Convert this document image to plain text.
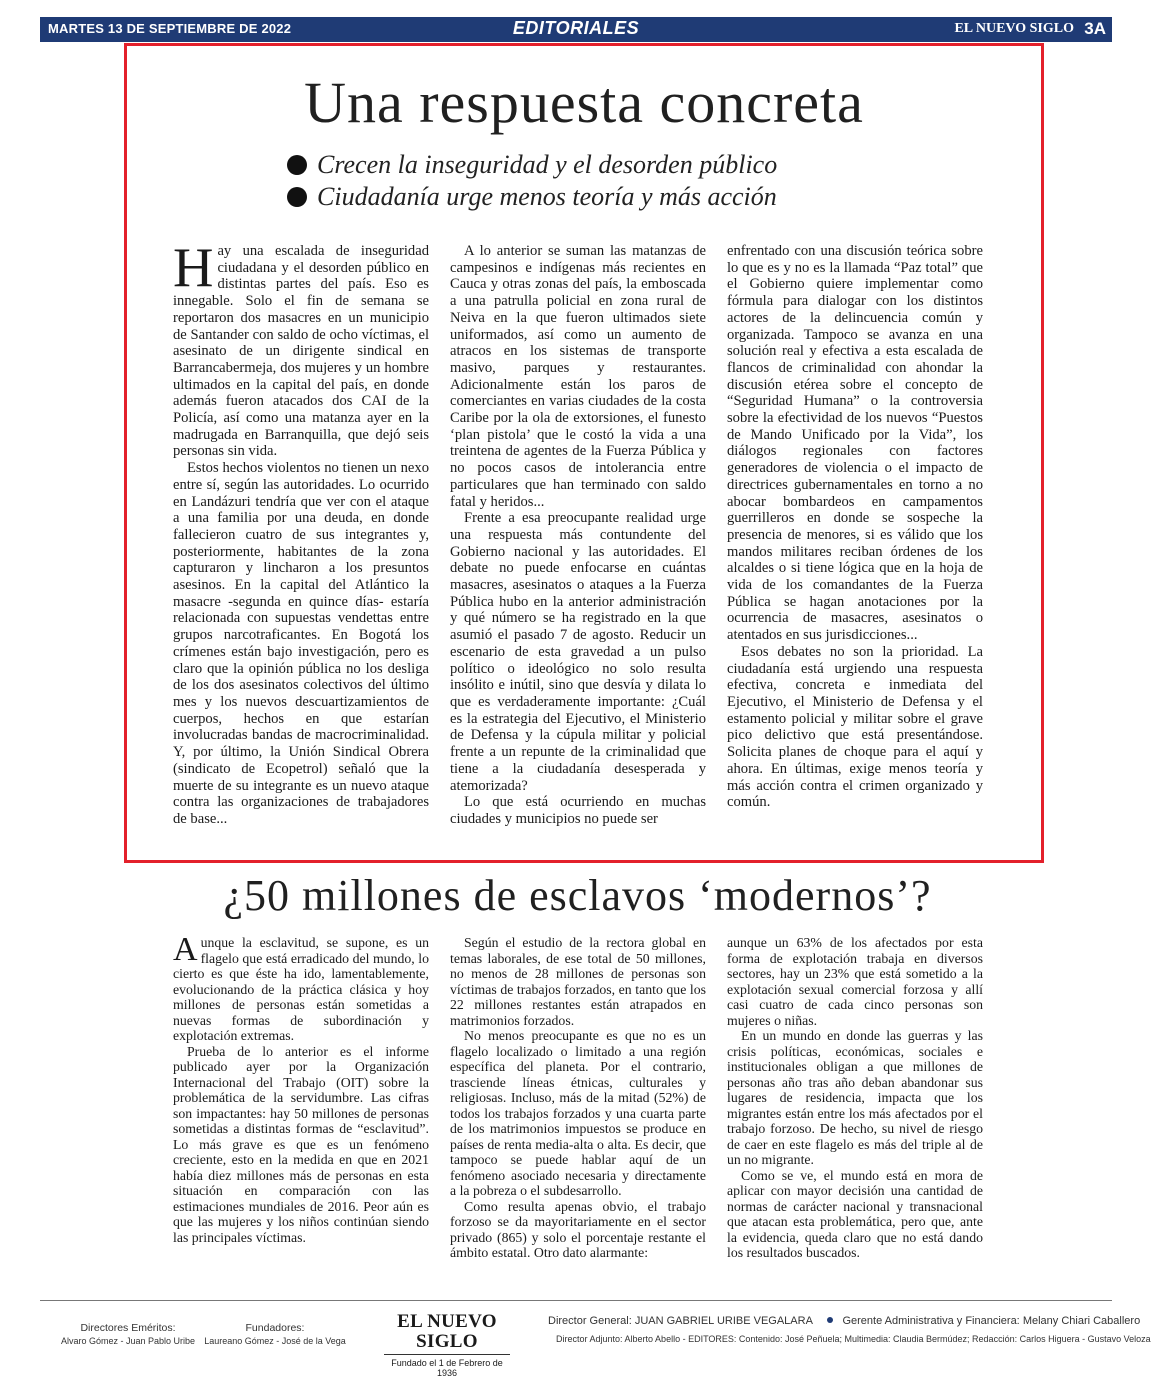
MARTES 13 DE SEPTIEMBRE DE 2022	EDITORIALES	EL NUEVO SIGLO 3A
Una respuesta concreta
Crecen la inseguridad y el desorden público
Ciudadanía urge menos teoría y más acción

Hay una escalada de inseguridad ciudadana y el desorden público en distintas partes del país. Eso es innegable. Solo el fin de semana se reportaron dos masacres en un municipio de Santander con saldo de ocho víctimas, el asesinato de un dirigente sindical en Barrancabermeja, dos mujeres y un hombre ultimados en la capital del país, en donde además fueron atacados dos CAI de la Policía, así como una matanza ayer en la madrugada en Barranquilla, que dejó seis personas sin vida.

Estos hechos violentos no tienen un nexo entre sí, según las autoridades. Lo ocurrido en Landázuri tendría que ver con el ataque a una familia por una deuda, en donde fallecieron cuatro de sus integrantes y, posteriormente, habitantes de la zona capturaron y lincharon a los presuntos asesinos. En la capital del Atlántico la masacre -segunda en quince días- estaría relacionada con supuestas vendettas entre grupos narcotraficantes. En Bogotá los crímenes están bajo investigación, pero es claro que la opinión pública no los desliga de los dos asesinatos colectivos del último mes y los nuevos descuartizamientos de cuerpos, hechos en que estarían involucradas bandas de macrocriminalidad. Y, por último, la Unión Sindical Obrera (sindicato de Ecopetrol) señaló que la muerte de su integrante es un nuevo ataque contra las organizaciones de trabajadores de base...

A lo anterior se suman las matanzas de campesinos e indígenas más recientes en Cauca y otras zonas del país, la emboscada a una patrulla policial en zona rural de Neiva en la que fueron ultimados siete uniformados, así como un aumento de atracos en los sistemas de transporte masivo, parques y restaurantes. Adicionalmente están los paros de comerciantes en varias ciudades de la costa Caribe por la ola de extorsiones, el funesto ‘plan pistola’ que le costó la vida a una treintena de agentes de la Fuerza Pública y no pocos casos de intolerancia entre particulares que han terminado con saldo fatal y heridos...

Frente a esa preocupante realidad urge una respuesta más contundente del Gobierno nacional y las autoridades. El debate no puede enfocarse en cuántas masacres, asesinatos o ataques a la Fuerza Pública hubo en la anterior administración y qué número se ha registrado en la que asumió el pasado 7 de agosto. Reducir un escenario de esta gravedad a un pulso político o ideológico no solo resulta insólito e inútil, sino que desvía y dilata lo que es verdaderamente importante: ¿Cuál es la estrategia del Ejecutivo, el Ministerio de Defensa y la cúpula militar y policial frente a un repunte de la criminalidad que tiene a la ciudadanía desesperada y atemorizada?

Lo que está ocurriendo en muchas ciudades y municipios no puede ser

enfrentado con una discusión teórica sobre lo que es y no es la llamada “Paz total” que el Gobierno quiere implementar como fórmula para dialogar con los distintos actores de la delincuencia común y organizada. Tampoco se avanza en una solución real y efectiva a esta escalada de flancos de criminalidad con ahondar la discusión etérea sobre el concepto de “Seguridad Humana” o la controversia sobre la efectividad de los nuevos “Puestos de Mando Unificado por la Vida”, los diálogos regionales con factores generadores de violencia o el impacto de directrices gubernamentales en torno a no abocar bombardeos en campamentos guerrilleros en donde se sospeche la presencia de menores, si es válido que los mandos militares reciban órdenes de los alcaldes o si tiene lógica que en la hoja de vida de los comandantes de la Fuerza Pública se hagan anotaciones por la ocurrencia de masacres, asesinatos o atentados en sus jurisdicciones...

Esos debates no son la prioridad. La ciudadanía está urgiendo una respuesta efectiva, concreta e inmediata del Ejecutivo, el Ministerio de Defensa y el estamento policial y militar sobre el grave pico delictivo que está presentándose. Solicita planes de choque para el aquí y ahora. En últimas, exige menos teoría y más acción contra el crimen organizado y común.

¿50 millones de esclavos ‘modernos’?

Aunque la esclavitud, se supone, es un flagelo que está erradicado del mundo, lo cierto es que éste ha ido, lamentablemente, evolucionando de la práctica clásica y hoy millones de personas están sometidas a nuevas formas de subordinación y explotación extremas.

Prueba de lo anterior es el informe publicado ayer por la Organización Internacional del Trabajo (OIT) sobre la problemática de la servidumbre. Las cifras son impactantes: hay 50 millones de personas sometidas a distintas formas de “esclavitud”. Lo más grave es que es un fenómeno creciente, esto en la medida en que en 2021 había diez millones más de personas en esta situación en comparación con las estimaciones mundiales de 2016. Peor aún es que las mujeres y los niños continúan siendo las principales víctimas.

Según el estudio de la rectora global en temas laborales, de ese total de 50 millones, no menos de 28 millones de personas son víctimas de trabajos forzados, en tanto que los 22 millones restantes están atrapados en matrimonios forzados.

No menos preocupante es que no es un flagelo localizado o limitado a una región específica del planeta. Por el contrario, trasciende líneas étnicas, culturales y religiosas. Incluso, más de la mitad (52%) de todos los trabajos forzados y una cuarta parte de los matrimonios impuestos se produce en países de renta media-alta o alta. Es decir, que tampoco se puede hablar aquí de un fenómeno asociado necesaria y directamente a la pobreza o el subdesarrollo.

Como resulta apenas obvio, el trabajo forzoso se da mayoritariamente en el sector privado (865) y solo el porcentaje restante el ámbito estatal. Otro dato alarmante:

aunque un 63% de los afectados por esta forma de explotación trabaja en diversos sectores, hay un 23% que está sometido a la explotación sexual comercial forzosa y allí casi cuatro de cada cinco personas son mujeres o niñas.

En un mundo en donde las guerras y las crisis políticas, económicas, sociales e institucionales obligan a que millones de personas año tras año deban abandonar sus lugares de residencia, impacta que los migrantes están entre los más afectados por el trabajo forzoso. De hecho, su nivel de riesgo de caer en este flagelo es más del triple al de un no migrante.

Como se ve, el mundo está en mora de aplicar con mayor decisión una cantidad de normas de carácter nacional y transnacional que atacan esta problemática, pero que, ante la evidencia, queda claro que no está dando los resultados buscados.

Directores Eméritos:
Alvaro Gómez - Juan Pablo Uribe
Fundadores:
Laureano Gómez - José de la Vega
EL NUEVO SIGLO
Fundado el 1 de Febrero de 1936
Director General: JUAN GABRIEL URIBE VEGALARA	Gerente Administrativa y Financiera: Melany Chiari Caballero
Director Adjunto: Alberto Abello - EDITORES: Contenido: José Peñuela; Multimedia: Claudia Bermúdez; Redacción: Carlos Higuera - Gustavo Veloza
